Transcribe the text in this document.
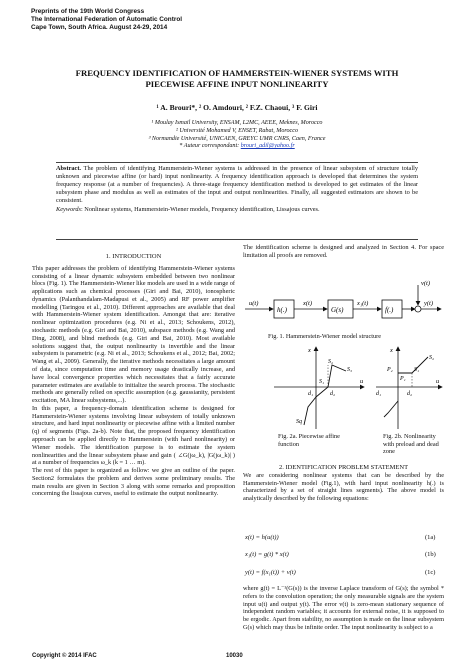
Preprints of the 19th World Congress
The International Federation of Automatic Control
Cape Town, South Africa. August 24-29, 2014
FREQUENCY IDENTIFICATION OF HAMMERSTEIN-WIENER SYSTEMS WITH
PIECEWISE AFFINE INPUT NONLINEARITY
¹ A. Brouri*, ² O. Amdouri, ² F.Z. Chaoui, ³ F. Giri
¹ Moulay Ismail University, ENSAM, L2MC, AEEE, Meknes, Morocco
² Université Mohamed V, ENSET, Rabat, Morocco
³ Normandie Université, UNICAEN, GREYC UMR CNRS, Caen, France
* Auteur correspondant: brouri_adil@yahoo.fr
Abstract. The problem of identifying Hammerstein-Wiener systems is addressed in the presence of linear subsystem of structure totally unknown and piecewise affine (or hard) input nonlinearity. A frequency identification approach is developed that determines the system frequency response (at a number of frequencies). A three-stage frequency identification method is developed to get estimates of the linear subsystem phase and modulus as well as estimates of the input and output nonlinearities. Finally, all suggested estimators are shown to be consistent.
Keywords: Nonlinear systems, Hammerstein-Wiener models, Frequency identification, Lissajous curves.
1. INTRODUCTION

This paper addresses the problem of identifying Hammerstein-Wiener systems consisting of a linear dynamic subsystem embedded between two nonlinear blocs (Fig. 1). The Hammerstein-Wiener like models are used in a wide range of applications such as chemical processes (Giri and Bai, 2010), ionospheric dynamics (Palanthandalam-Madapusi et al., 2005) and RF power amplifier modelling (Taringou et al., 2010). Different approaches are available that deal with Hammerstein-Wiener system identification. Amongst that are: iterative nonlinear optimization procedures (e.g. Ni et al., 2013; Schoukens, 2012), stochastic methods (e.g. Giri and Bai, 2010), subspace methods (e.g. Wang and Ding, 2008), and blind methods (e.g. Giri and Bai, 2010). Most available solutions suggest that, the output nonlinearity is invertible and the linear subsystem is parametric (e.g. Ni et al., 2013; Schoukens et al., 2012; Bai, 2002; Wang et al., 2009). Generally, the iterative methods necessitates a large amount of data, since computation time and memory usage drastically increase, and have local convergence properties which necessitates that a fairly accurate parameter estimates are available to initialize the search process. The stochastic methods are generally relied on specific assumption (e.g. gaussianity, persistent excitation, MA linear subsystems,...).

In this paper, a frequency-domain identification scheme is designed for Hammerstein-Wiener systems involving linear subsystem of totally unknown structure, and hard input nonlinearity or piecewise affine with a limited number (q) of segments (Figs. 2a-b). Note that, the proposed frequency identification approach can be applied directly to Hammerstein (with hard nonlinearity) or Wiener models. The identification purpose is to estimate the system nonlinearities and the linear subsystem phase and gain ( ∠G(jω_k), |G(jω_k)| ) at a number of frequencies ω_k (k = 1 … m).

The rest of this paper is organized as follow: we give an outline of the paper. Section2 formulates the problem and derives some preliminary results. The main results are given in Section 3 along with some remarks and proposition concerning the lissajous curves, useful to estimate the output nonlinearity.

The identification scheme is designed and analyzed in Section 4. For space limitation all proofs are removed.
u(t)
h(.)
x(t)
G(s)
x₁(t)
f(.)
v(t)
y(t)
Fig. 1. Hammerstein-Wiener model structure
x
S₁
S₂
S₃
Sq
d₁	d₂
u
Fig. 2a. Piecewise affine function
x
P₂
P₁
S₁
S₂
u
d₁	d₂
Fig. 2b. Nonlinearity with preload and dead zone
2. IDENTIFICATION PROBLEM STATEMENT

We are considering nonlinear systems that can be described by the Hammerstein-Wiener model (Fig.1), with hard input nonlinearity h(.) is characterized by a set of straight lines segments). The above model is analytically described by the following equations:

x(t) = h(u(t))	(1a)
x₁(t) = g(t) * x(t)	(1b)
y(t) = f(x₁(t)) + v(t)	(1c)
where g(t) = L⁻¹(G(s)) is the inverse Laplace transform of G(s); the symbol * refers to the convolution operation; the only measurable signals are the system input u(t) and output y(t). The error v(t) is zero-mean stationary sequence of independent random variables; it accounts for external noise, it is supposed to be ergodic. Apart from stability, no assumption is made on the linear subsystem G(s) which may thus be infinite order. The input nonlinearity is subject to a
Copyright © 2014 IFAC	10030
